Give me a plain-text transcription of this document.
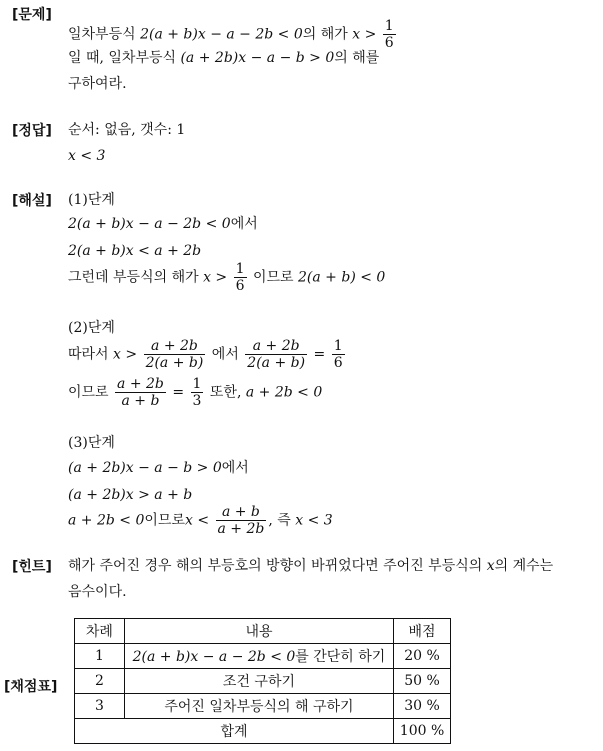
[문제]
일차부등식 2(a + b)x − a − 2b < 0의 해가 $x > \frac{1}{6}$
일 때, 일차부등식 (a + 2b)x − a − b > 0의 해를
구하여라.
[정답] 순서: 없음, 갯수: 1
x < 3
[해설] (1)단계
2(a + b)x − a − 2b < 0에서
2(a + b)x < a + 2b
그런데 부등식의 해가 $x > \frac{1}{6}$ 이므로 2(a + b) < 0
(2)단계
따라서 $x > \frac{a + 2b}{2(a + b)}$ 에서 $\frac{a + 2b}{2(a + b)} = \frac{1}{6}$
이므로 $\frac{a + 2b}{a + b} = \frac{1}{3}$ 또한, a + 2b < 0
(3)단계
(a + 2b)x − a − b > 0에서
(a + 2b)x > a + b
a + 2b < 0이므로$x < \frac{a + b}{a + 2b}$ , 즉 x < 3
[힌트] 해가 주어진 경우 해의 부등호의 방향이 바뀌었다면 주어진 부등식의 x의 계수는
음수이다.
[채점표]
차례	내용	배점
1	2(a + b)x − a − 2b < 0를 간단히 하기	20 %
2	조건 구하기	50 %
3	주어진 일차부등식의 해 구하기	30 %
합계		100 %
